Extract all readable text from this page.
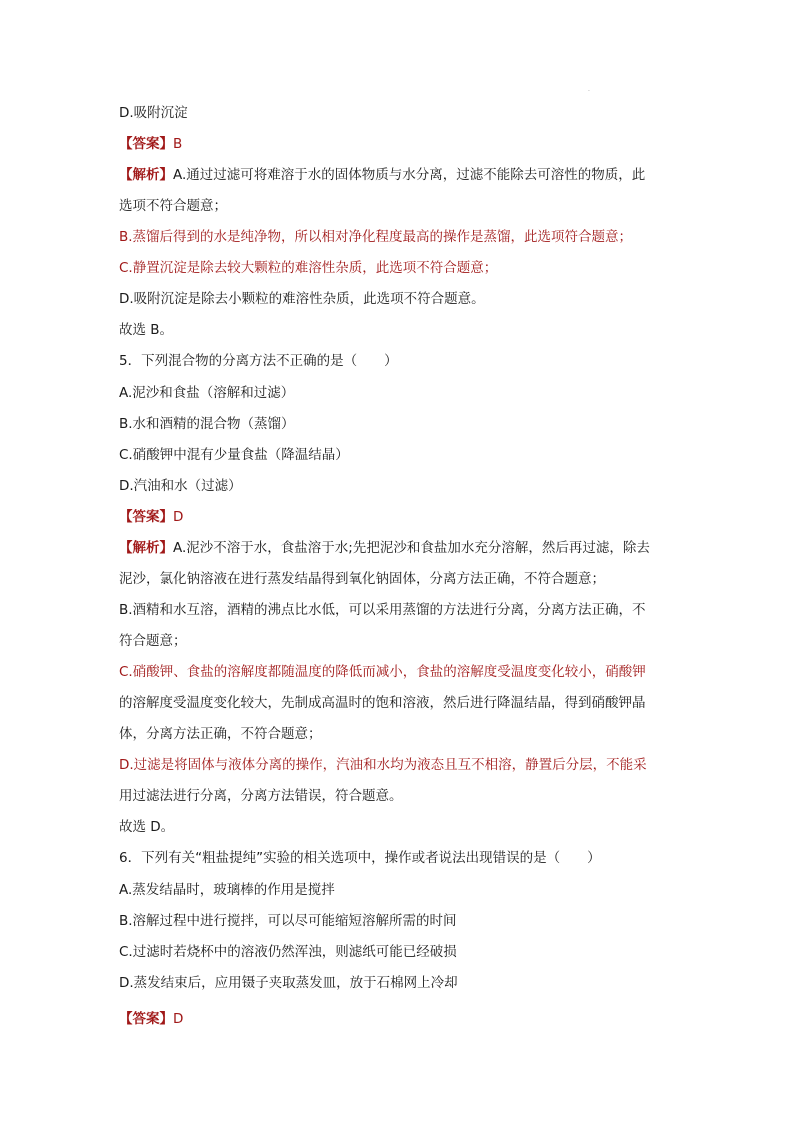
·
D.吸附沉淀
【答案】B
【解析】A.通过过滤可将难溶于水的固体物质与水分离，过滤不能除去可溶性的物质，此
选项不符合题意；
B.蒸馏后得到的水是纯净物，所以相对净化程度最高的操作是蒸馏，此选项符合题意；
C.静置沉淀是除去较大颗粒的难溶性杂质，此选项不符合题意；
D.吸附沉淀是除去小颗粒的难溶性杂质，此选项不符合题意。
故选 B。
5．下列混合物的分离方法不正确的是（　　）
A.泥沙和食盐（溶解和过滤）
B.水和酒精的混合物（蒸馏）
C.硝酸钾中混有少量食盐（降温结晶）
D.汽油和水（过滤）
【答案】D
【解析】A.泥沙不溶于水，食盐溶于水;先把泥沙和食盐加水充分溶解，然后再过滤，除去
泥沙，氯化钠溶液在进行蒸发结晶得到氧化钠固体，分离方法正确，不符合题意；
B.酒精和水互溶，酒精的沸点比水低，可以采用蒸馏的方法进行分离，分离方法正确，不
符合题意；
C.硝酸钾、食盐的溶解度都随温度的降低而减小，食盐的溶解度受温度变化较小，硝酸钾
的溶解度受温度变化较大，先制成高温时的饱和溶液，然后进行降温结晶，得到硝酸钾晶
体，分离方法正确，不符合题意；
D.过滤是将固体与液体分离的操作，汽油和水均为液态且互不相溶，静置后分层，不能采
用过滤法进行分离，分离方法错误，符合题意。
故选 D。
6．下列有关“粗盐提纯”实验的相关选项中，操作或者说法出现错误的是（　　）
A.蒸发结晶时，玻璃棒的作用是搅拌
B.溶解过程中进行搅拌，可以尽可能缩短溶解所需的时间
C.过滤时若烧杯中的溶液仍然浑浊，则滤纸可能已经破损
D.蒸发结束后，应用镊子夹取蒸发皿，放于石棉网上冷却
【答案】D
